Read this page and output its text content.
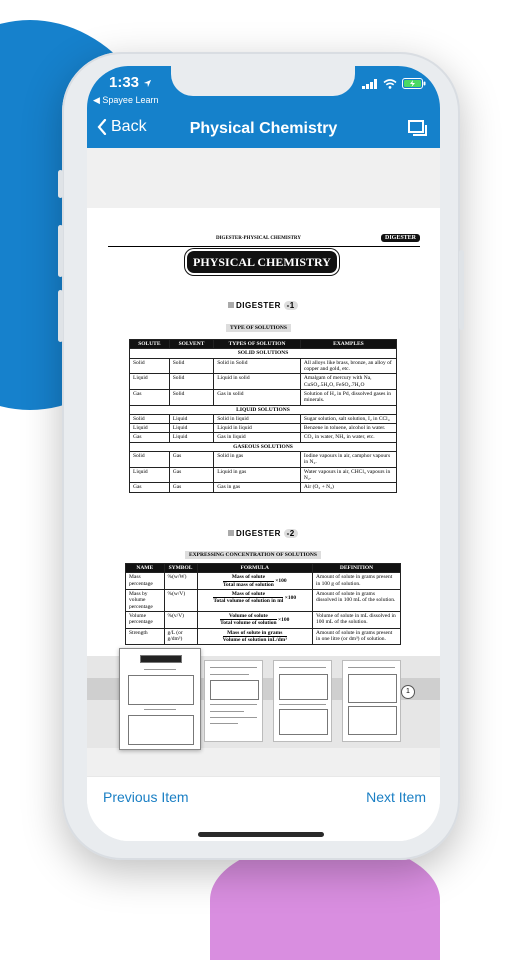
1:33
◀ Spayee Learn
Back	Physical Chemistry
DIGESTER-PHYSICAL CHEMISTRY	DIGESTER
PHYSICAL CHEMISTRY
DIGESTER -1
TYPE OF SOLUTIONS
SOLUTE	SOLVENT	TYPES OF SOLUTION	EXAMPLES
SOLID SOLUTIONS			
Solid	Solid	Solid in Solid	All alloys like brass, bronze, an alloy of copper and gold, etc.
Liquid	Solid	Liquid in solid	Amalgam of mercury with Na, CuSO₄.5H₂O, FeSO₄.7H₂O
Gas	Solid	Gas in solid	Solution of H₂ in Pd, dissolved gases in minerals.
LIQUID SOLUTIONS			
Solid	Liquid	Solid in liquid	Sugar solution, salt solution, I₂ in CCl₄
Liquid	Liquid	Liquid in liquid	Benzene in toluene, alcohol in water.
Gas	Liquid	Gas in liquid	CO₂ in water, NH₃ in water, etc.
GASEOUS SOLUTIONS			
Solid	Gas	Solid in gas	Iodine vapours in air, camphor vapours in N₂.
Liquid	Gas	Liquid in gas	Water vapours in air, CHCl₃ vapours in N₂.
Gas	Gas	Gas in gas	Air (O₂ + N₂)
DIGESTER -2
EXPRESSING CONCENTRATION OF SOLUTIONS
NAME	SYMBOL	FORMULA	DEFINITION
Mass percentage	%(w/W)	$\frac{\text{Mass of solute}}{\text{Total mass of solution}} \times 100$	Amount of solute in grams present in 100 g of solution.
Mass by volume percentage	%(w/V)	$\frac{\text{Mass of solute}}{\text{Total volume of solution in ml}} \times 100$	Amount of solute in grams dissolved in 100 mL of the solution.
Volume percentage	%(v/V)	$\frac{\text{Volume of solute}}{\text{Total volume of solution}} \times 100$	Volume of solute in mL dissolved in 100 mL of the solution.
Strength	g/L (or g/dm³)	$\frac{\text{Mass of solute in grams}}{\text{Volume of solution inL/dm³}}$	Amount of solute in grams present in one litre (or dm³) of solution.
1
Previous Item	Next Item
